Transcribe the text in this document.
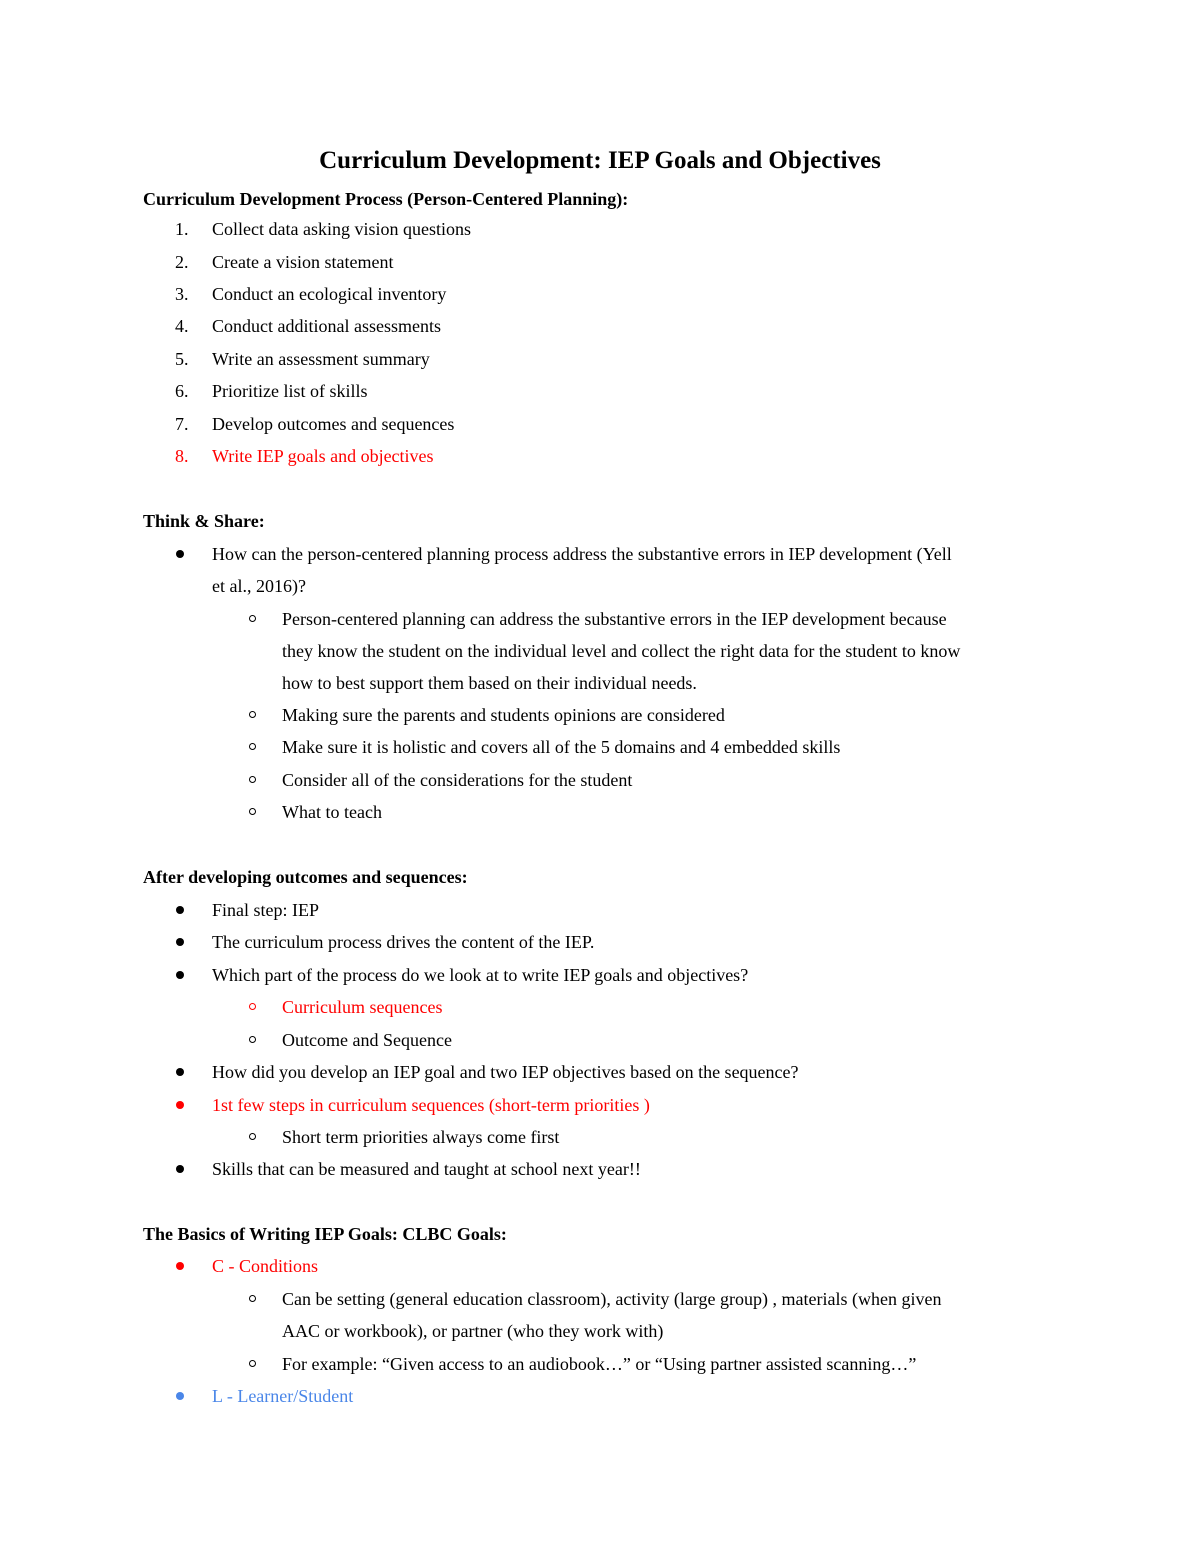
Curriculum Development: IEP Goals and Objectives
Curriculum Development Process (Person-Centered Planning):
1.	Collect data asking vision questions
2.	Create a vision statement
3.	Conduct an ecological inventory
4.	Conduct additional assessments
5.	Write an assessment summary
6.	Prioritize list of skills
7.	Develop outcomes and sequences
8.	Write IEP goals and objectives
Think & Share:
How can the person-centered planning process address the substantive errors in IEP development (Yell
et al., 2016)?
Person-centered planning can address the substantive errors in the IEP development because
they know the student on the individual level and collect the right data for the student to know
how to best support them based on their individual needs.
Making sure the parents and students opinions are considered
Make sure it is holistic and covers all of the 5 domains and 4 embedded skills
Consider all of the considerations for the student
What to teach
After developing outcomes and sequences:
Final step: IEP
The curriculum process drives the content of the IEP.
Which part of the process do we look at to write IEP goals and objectives?
Curriculum sequences
Outcome and Sequence
How did you develop an IEP goal and two IEP objectives based on the sequence?
1st few steps in curriculum sequences (short-term priorities )
Short term priorities always come first
Skills that can be measured and taught at school next year!!
The Basics of Writing IEP Goals: CLBC Goals:
C - Conditions
Can be setting (general education classroom), activity (large group) , materials (when given
AAC or workbook), or partner (who they work with)
For example: “Given access to an audiobook…” or “Using partner assisted scanning…”
L - Learner/Student
